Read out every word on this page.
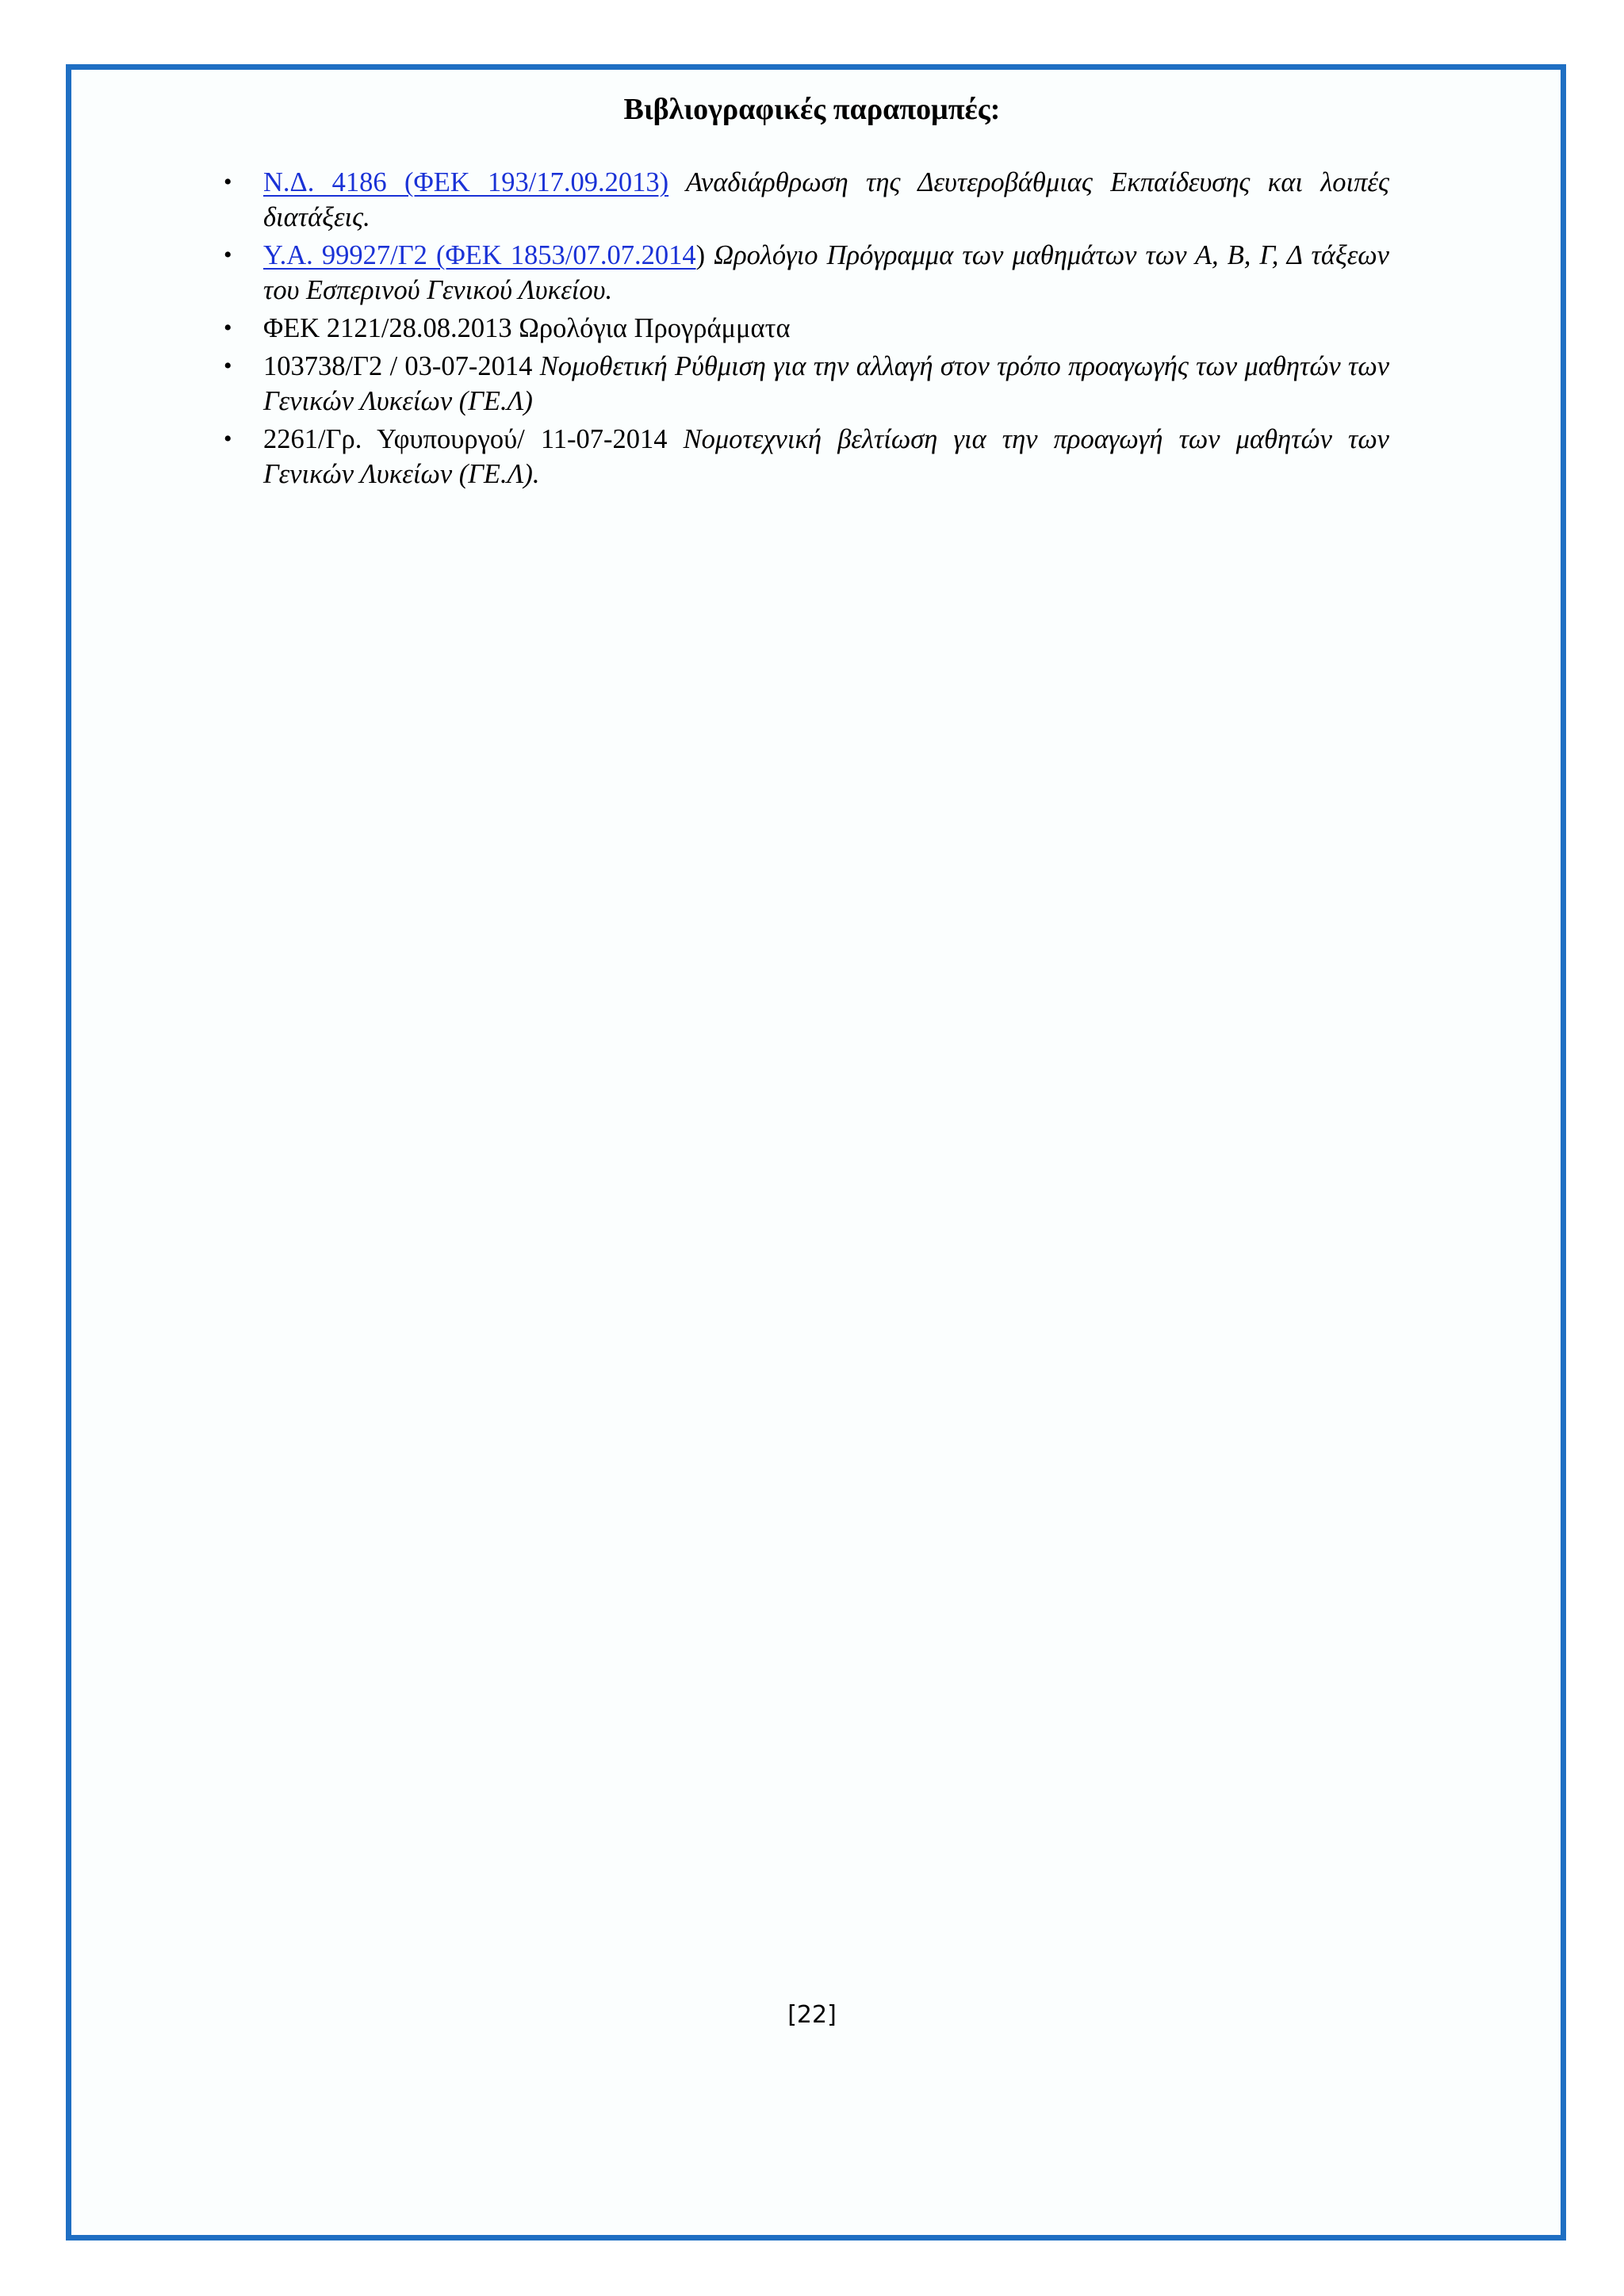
Βιβλιογραφικές παραπομπές:
• Ν.Δ. 4186 (ΦΕΚ 193/17.09.2013) Αναδιάρθρωση της Δευτεροβάθμιας Εκπαίδευσης και λοιπές διατάξεις.
• Υ.Α. 99927/Γ2 (ΦΕΚ 1853/07.07.2014) Ωρολόγιο Πρόγραμμα των μαθημάτων των Α, Β, Γ, Δ τάξεων του Εσπερινού Γενικού Λυκείου.
• ΦΕΚ 2121/28.08.2013 Ωρολόγια Προγράμματα
• 103738/Γ2 / 03-07-2014 Νομοθετική Ρύθμιση για την αλλαγή στον τρόπο προαγωγής των μαθητών των Γενικών Λυκείων (ΓΕ.Λ)
• 2261/Γρ. Υφυπουργού/ 11-07-2014 Νομοτεχνική βελτίωση για την προαγωγή των μαθητών των Γενικών Λυκείων (ΓΕ.Λ).
[22]
